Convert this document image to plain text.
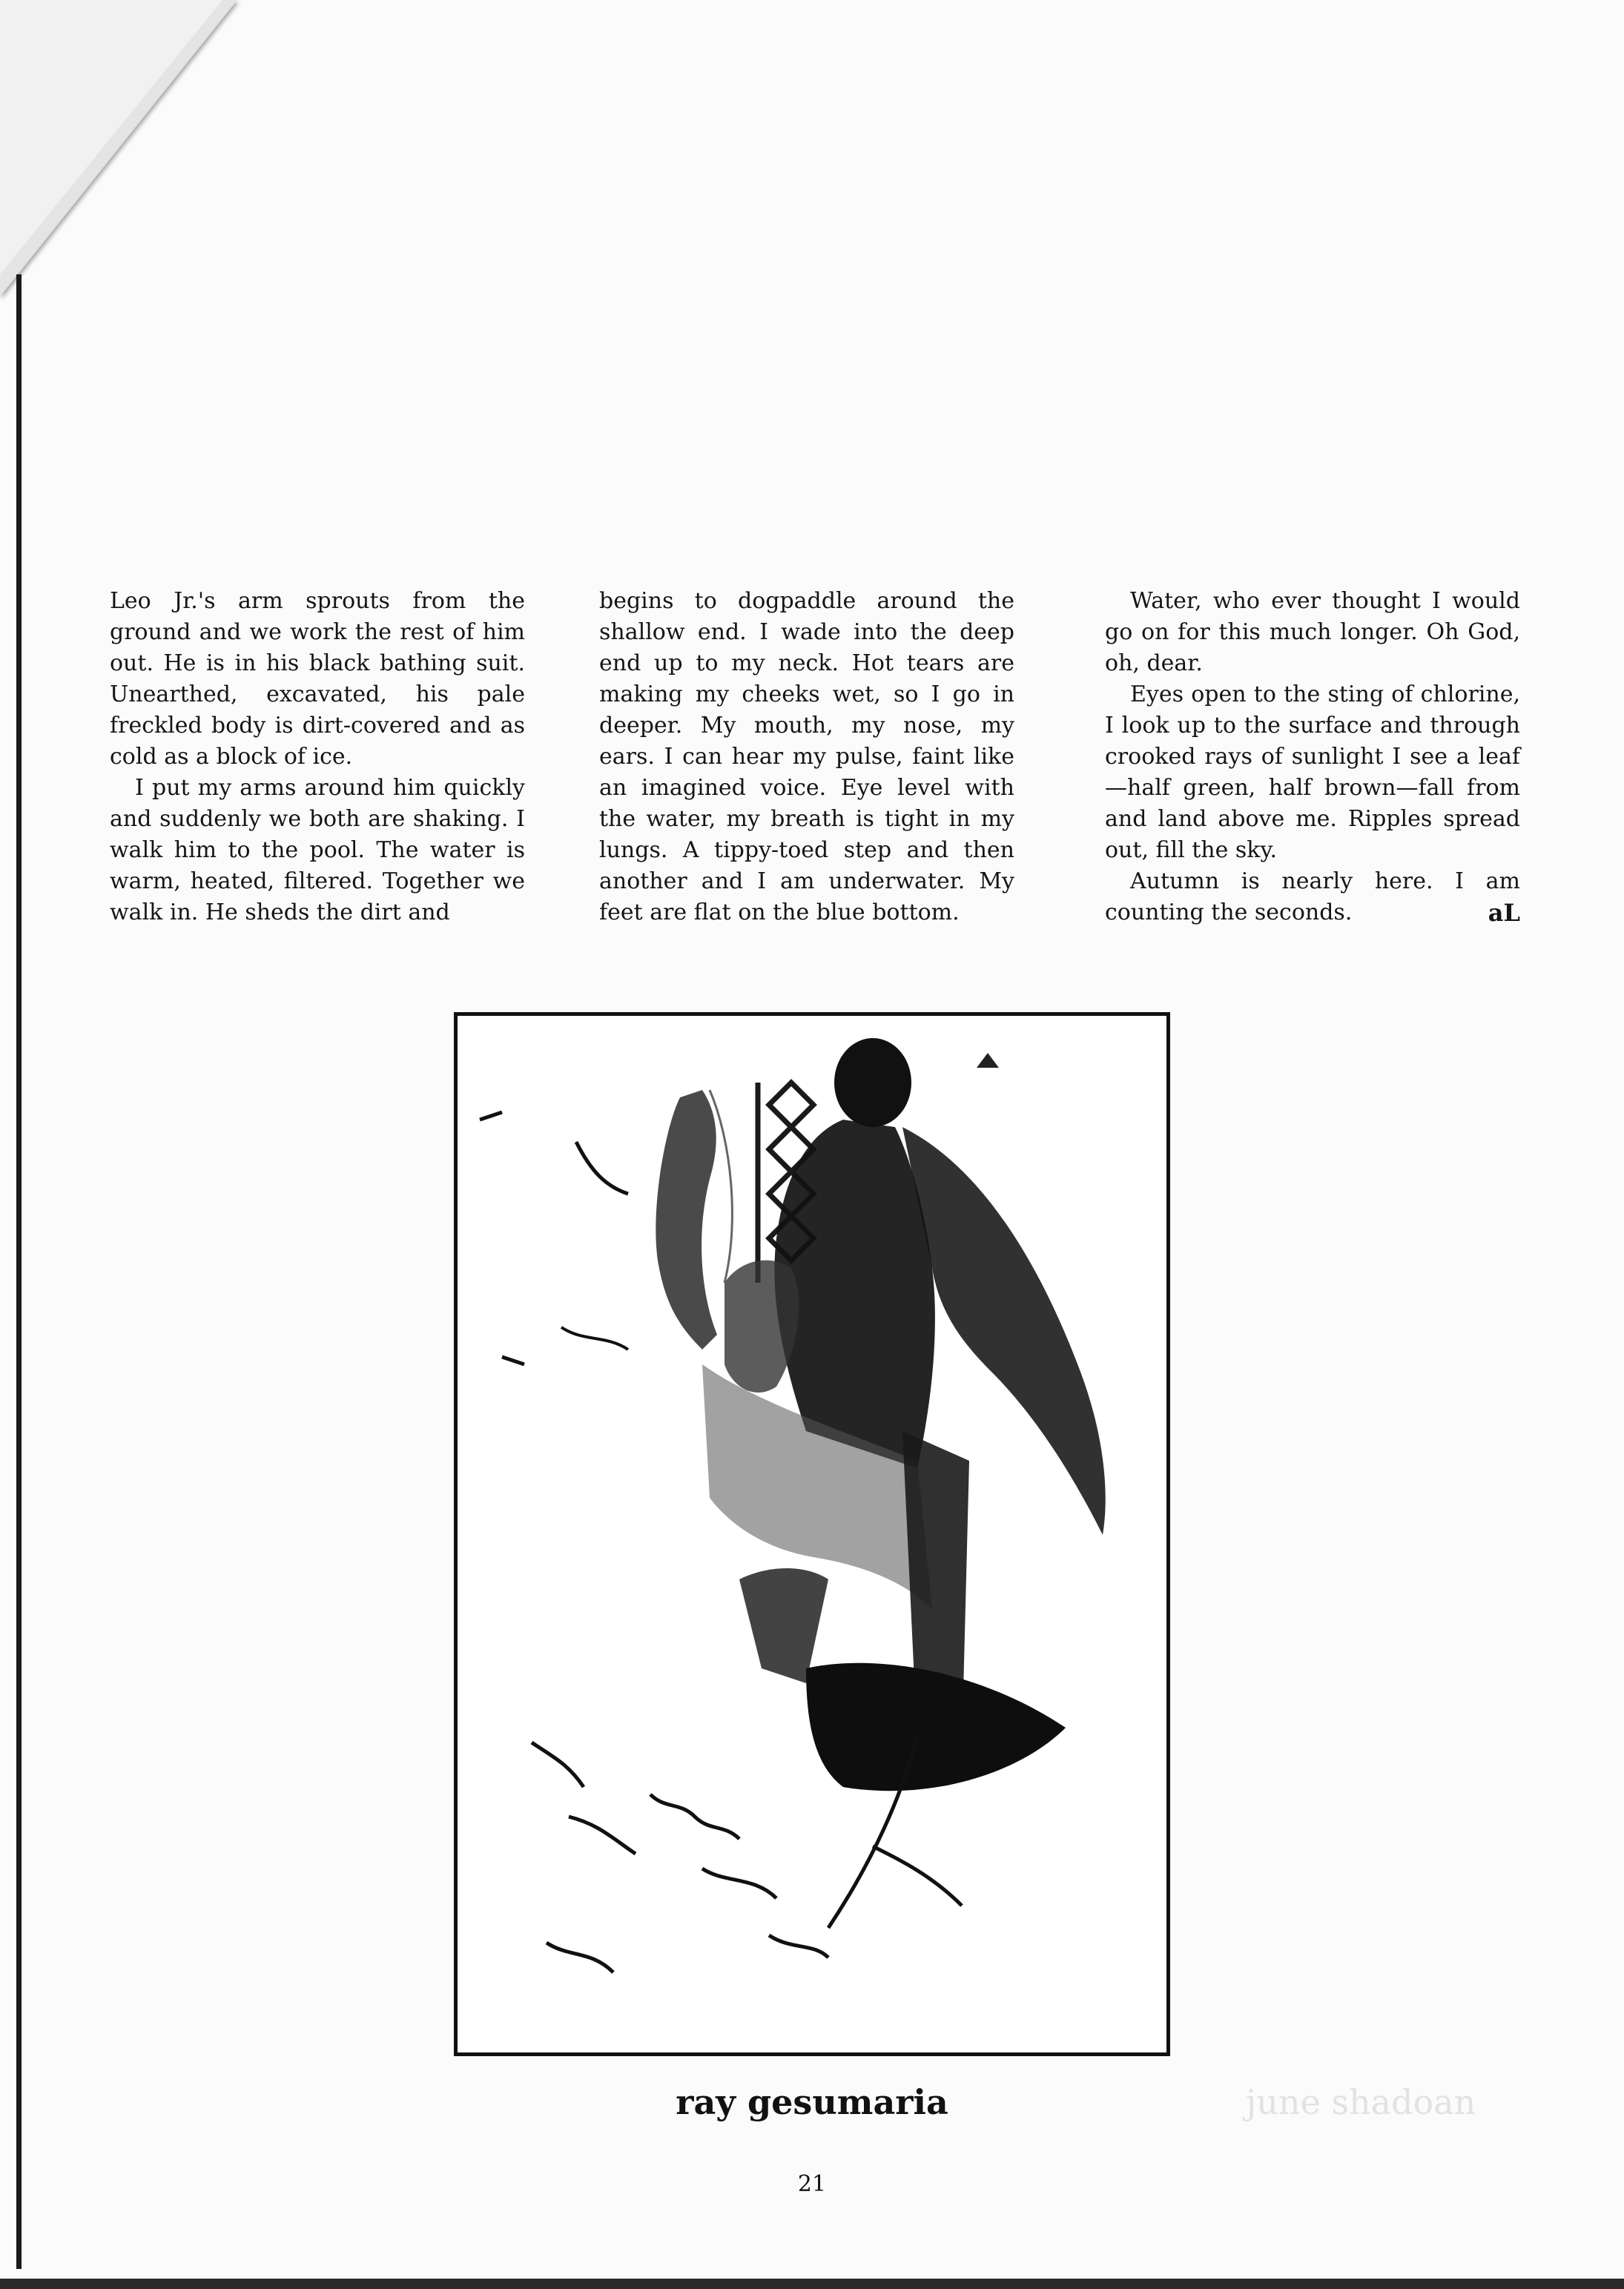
Leo Jr.'s arm sprouts from the ground and we work the rest of him out. He is in his black bathing suit. Unearthed, excavated, his pale freckled body is dirt-covered and as cold as a block of ice.

I put my arms around him quickly and suddenly we both are shaking. I walk him to the pool. The water is warm, heated, filtered. Together we walk in. He sheds the dirt and

begins to dogpaddle around the shallow end. I wade into the deep end up to my neck. Hot tears are making my cheeks wet, so I go in deeper. My mouth, my nose, my ears. I can hear my pulse, faint like an imagined voice. Eye level with the water, my breath is tight in my lungs. A tippy-toed step and then another and I am underwater. My feet are flat on the blue bottom.

Water, who ever thought I would go on for this much longer. Oh God, oh, dear.

Eyes open to the sting of chlorine, I look up to the surface and through crooked rays of sunlight I see a leaf—half green, half brown—fall from and land above me. Ripples spread out, fill the sky.

Autumn is nearly here. I am counting the seconds.	aL

ray gesumaria	june shadoan
21
